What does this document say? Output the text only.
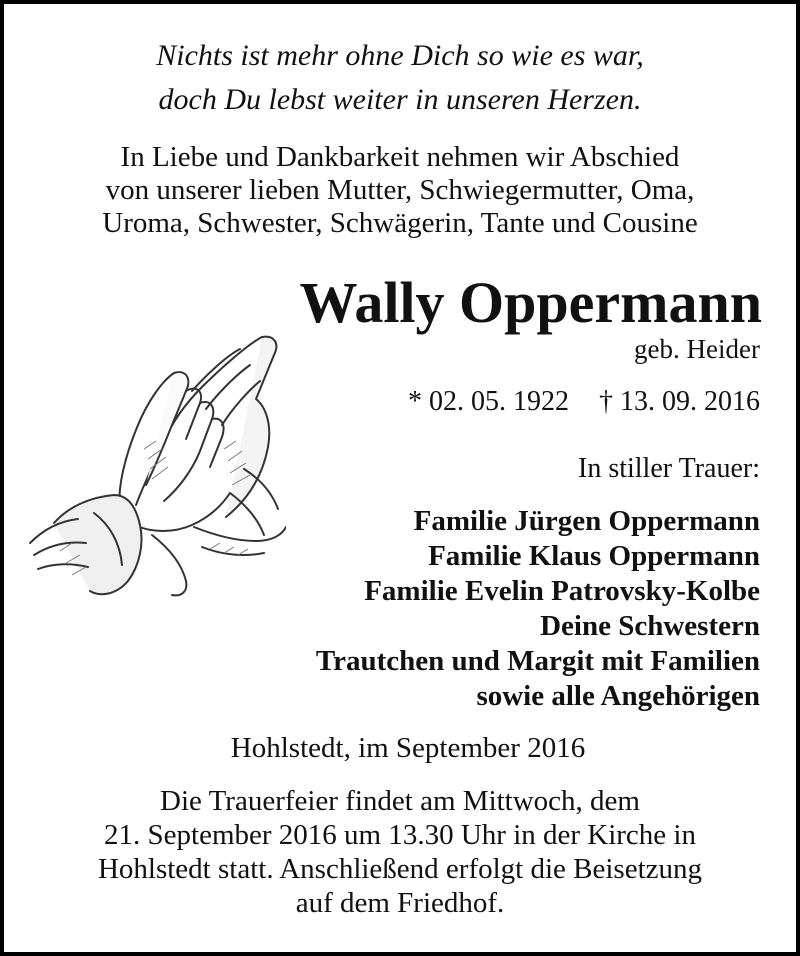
Nichts ist mehr ohne Dich so wie es war,
doch Du lebst weiter in unseren Herzen.
In Liebe und Dankbarkeit nehmen wir Abschied
von unserer lieben Mutter, Schwiegermutter, Oma,
Uroma, Schwester, Schwägerin, Tante und Cousine
Wally Oppermann
geb. Heider
* 02. 05. 1922 † 13. 09. 2016
In stiller Trauer:
Familie Jürgen Oppermann
Familie Klaus Oppermann
Familie Evelin Patrovsky-Kolbe
Deine Schwestern
Trautchen und Margit mit Familien
sowie alle Angehörigen
Hohlstedt, im September 2016
Die Trauerfeier findet am Mittwoch, dem
21. September 2016 um 13.30 Uhr in der Kirche in
Hohlstedt statt. Anschließend erfolgt die Beisetzung
auf dem Friedhof.
